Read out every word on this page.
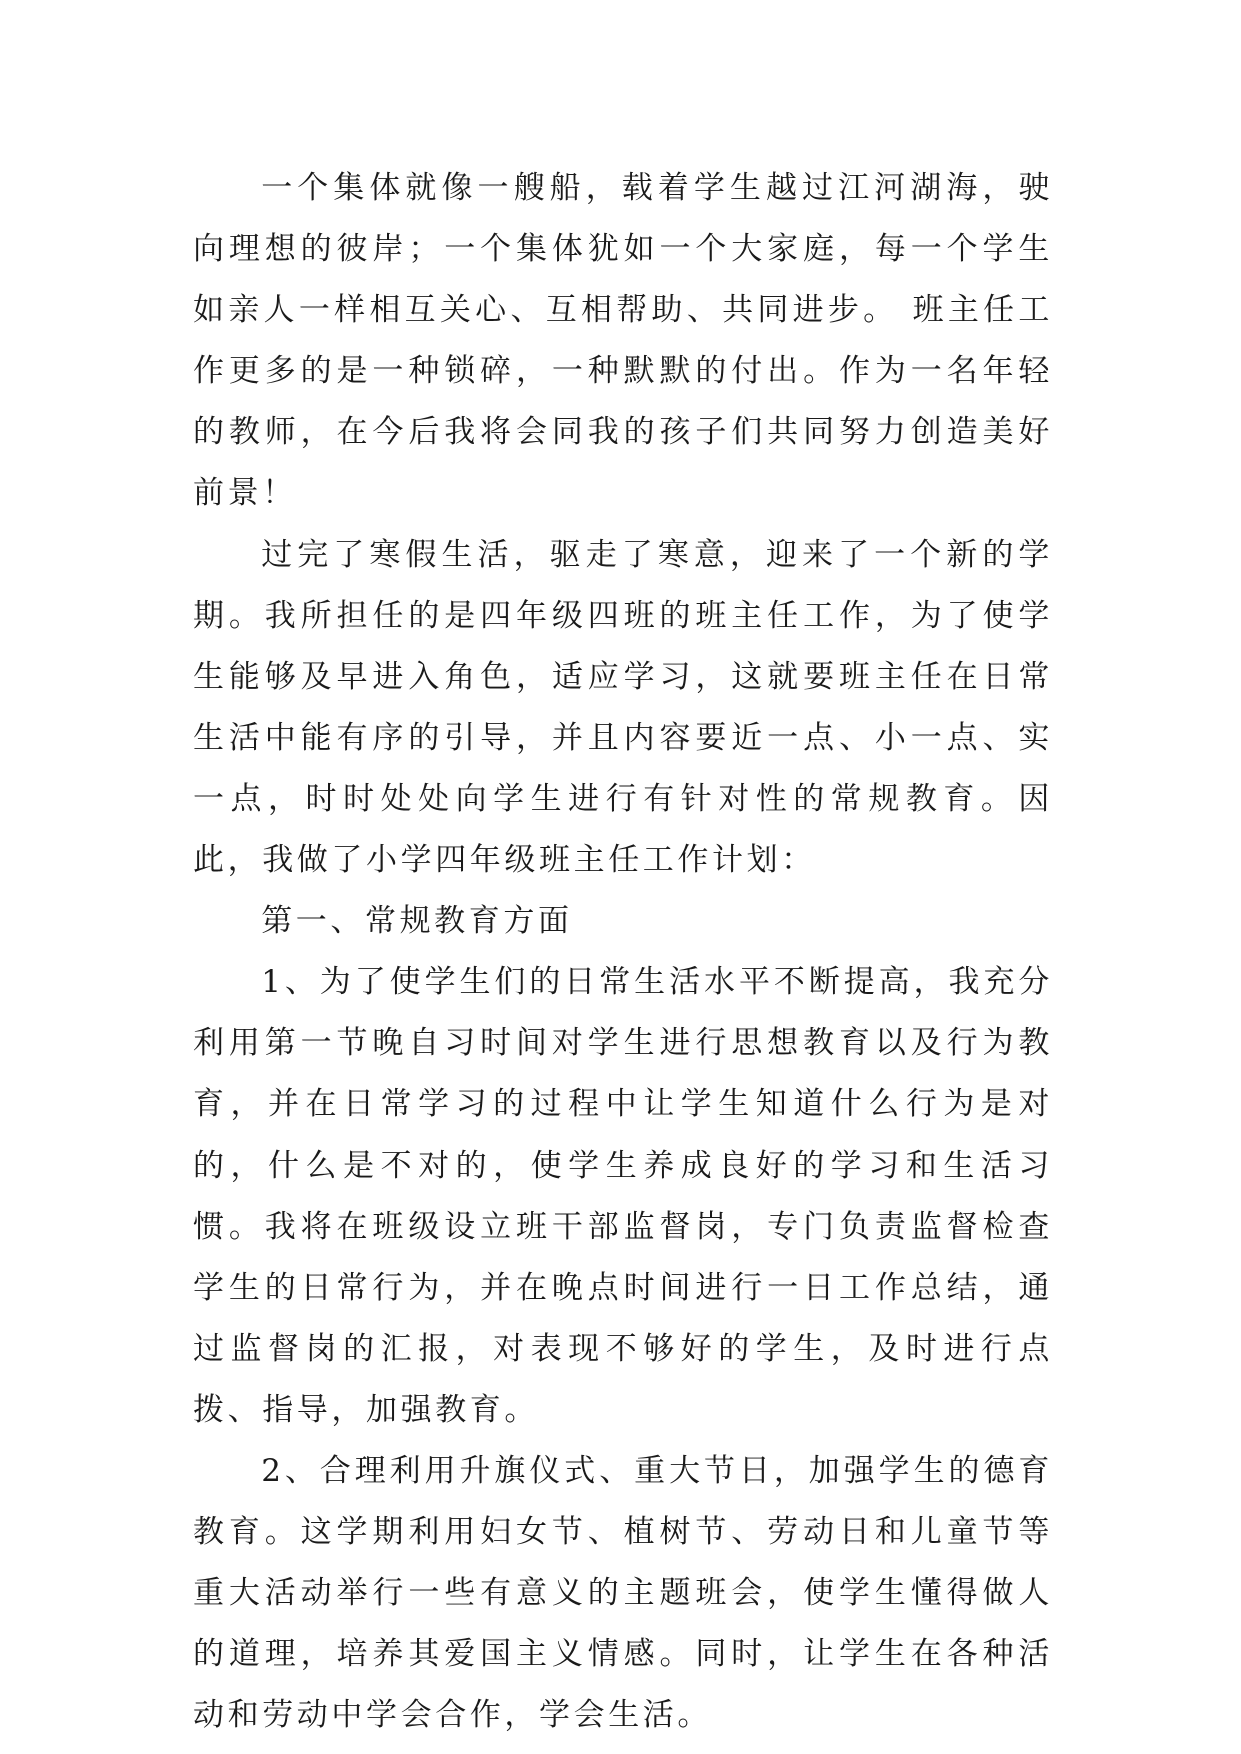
一个集体就像一艘船，载着学生越过江河湖海，驶向理想的彼岸；一个集体犹如一个大家庭，每一个学生如亲人一样相互关心、互相帮助、共同进步。 班主任工作更多的是一种锁碎，一种默默的付出。作为一名年轻的教师，在今后我将会同我的孩子们共同努力创造美好前景！

过完了寒假生活，驱走了寒意，迎来了一个新的学期。我所担任的是四年级四班的班主任工作，为了使学生能够及早进入角色，适应学习，这就要班主任在日常生活中能有序的引导，并且内容要近一点、小一点、实一点，时时处处向学生进行有针对性的常规教育。因此，我做了小学四年级班主任工作计划：

第一、常规教育方面

1、为了使学生们的日常生活水平不断提高，我充分利用第一节晚自习时间对学生进行思想教育以及行为教育，并在日常学习的过程中让学生知道什么行为是对的，什么是不对的，使学生养成良好的学习和生活习惯。我将在班级设立班干部监督岗，专门负责监督检查学生的日常行为，并在晚点时间进行一日工作总结，通过监督岗的汇报，对表现不够好的学生，及时进行点拨、指导，加强教育。

2、合理利用升旗仪式、重大节日，加强学生的德育教育。这学期利用妇女节、植树节、劳动日和儿童节等重大活动举行一些有意义的主题班会，使学生懂得做人的道理，培养其爱国主义情感。同时，让学生在各种活动和劳动中学会合作，学会生活。
